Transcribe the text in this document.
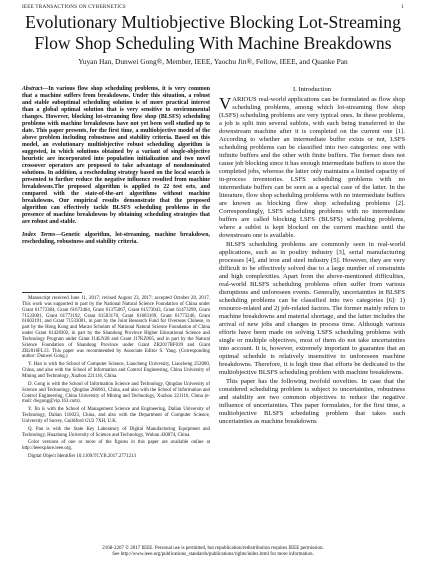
IEEE TRANSACTIONS ON CYBERNETICS	1
Evolutionary Multiobjective Blocking Lot-Streaming
Flow Shop Scheduling With Machine Breakdowns
Yuyan Han, Dunwei Gong®, Member, IEEE, Yaochu Jin®, Fellow, IEEE, and Quanke Pan

Abstract—In various flow shop scheduling problems, it is very common that a machine suffers from breakdowns. Under this situation, a robust and stable suboptimal scheduling solution is of more practical interest than a global optimal solution that is very sensitive to environmental changes. However, blocking lot-streaming flow shop (BLSFS) scheduling problems with machine breakdowns have not yet been well studied up to date. This paper presents, for the first time, a multiobjective model of the above problem including robustness and stability criteria. Based on this model, an evolutionary multiobjective robust scheduling algorithm is suggested, in which solutions obtained by a variant of single-objective heuristic are incorporated into population initialization and two novel crossover operators are proposed to take advantage of nondominated solutions. In addition, a rescheduling strategy based on the local search is presented to further reduce the negative influence resulted from machine breakdowns.The proposed algorithm is applied to 22 test sets, and compared with the state-of-the-art algorithms without machine breakdowns. Our empirical results demonstrate that the proposed algorithm can effectively tackle BLSFS scheduling problems in the presence of machine breakdowns by obtaining scheduling strategies that are robust and stable.

Index Terms—Genetic algorithm, lot-streaming, machine breakdown, rescheduling, robustness and stability criteria.

Manuscript received June 11, 2017; revised August 23, 2017; accepted October 20, 2017. This work was supported in part by the National Natural Science Foundation of China under Grant 61773384, Grant 61673404, Grant 61375067, Grant 61573043, Grant 61473299, Grant 71533001, Grant 61773192, Grant 61503170, Grant 61603169, Grant 61773246, Grant 61603191, and Grant 71533001, in part by the Joint Research Fund for Overseas Chinese, in part by the Hong Kong and Macao Scholars of National Natural Science Foundation of China under Grant 61428302, in part by the Shandong Province Higher Educational Science and Technology Program under Grant J14LN28 and Grant J17KZ005, and in part by the Natural Science Foundation of Shandong Province under Grant ZR2017BF039 and Grant ZR2016FL13. This paper was recommended by Associate Editor S. Yang. (Corresponding author: Dunwei Gong.)

Y. Han is with the School of Computer Science, Liaocheng University, Liaocheng 252000, China, and also with the School of Information and Control Engineering, China University of Mining and Technology, Xuzhou 221116, China.

D. Gong is with the School of Information Science and Technology, Qingdao University of Science and Technology, Qingdao 266061, China, and also with the School of Information and Control Engineering, China University of Mining and Technology, Xuzhou 221116, China (e-mail: dwgong@vip.163.com).

Y. Jin is with the School of Management Science and Engineering, Dalian University of Technology, Dalian 116023, China, and also with the Department of Computer Science, University of Surrey, Guildford GU2 7XH, U.K.

Q. Pan is with the State Key Laboratory of Digital Manufacturing Equipment and Technology, Huazhong University of Science and Technology, Wuhan 430074, China.

Color versions of one or more of the figures in this paper are available online at http://ieeexplore.ieee.org.

Digital Object Identifier 10.1109/TCYB.2017.2771213

I. Introduction

VARIOUS real-world applications can be formulated as flow shop scheduling problems, among which lot-streaming flow shop (LSFS) scheduling problems are very typical ones. In these problems, a job is split into several sublots, with each being transferred to the downstream machine after it is completed on the current one [1]. According to whether an intermediate buffer exists or not, LSFS scheduling problems can be classified into two categories: one with infinite buffers and the other with finite buffers. The former does not cause job blocking since it has enough intermediate buffers to store the completed jobs, whereas the latter only maintains a limited capacity of in-process inventories. LSFS scheduling problems with no intermediate buffers can be seen as a special case of the latter. In the literature, flow shop scheduling problems with no intermediate buffers are known as blocking flow shop scheduling problems [2]. Correspondingly, LSFS scheduling problems with no intermediate buffers are called blocking LSFS (BLSFS) scheduling problems, where a sublot is kept blocked on the current machine until the downstream one is available.

BLSFS scheduling problems are commonly seen in real-world applications, such as in poultry industry [3], serial manufacturing processes [4], and iron and steel industry [5]. However, they are very difficult to be effectively solved due to a large number of constraints and high complexities. Apart from the above-mentioned difficulties, real-world BLSFS scheduling problems often suffer from various disruptions and unforeseen events. Generally, uncertainties in BLSFS scheduling problems can be classified into two categories [6]: 1) resource-related and 2) job-related factors. The former mainly refers to machine breakdowns and material shortage, and the latter includes the arrival of new jobs and changes in process time. Although various efforts have been made on solving LSFS scheduling problems with single or multiple objectives, most of them do not take uncertainties into account. It is, however, extremely important to guarantee that an optimal schedule is relatively insensitive to unforeseen machine breakdowns. Therefore, it is high time that efforts be dedicated to the multiobjective BLSFS scheduling problem with machine breakdowns.

This paper has the following twofold novelties. In case that the considered scheduling problem is subject to uncertainties, robustness and stability are two common objectives to reduce the negative influence of uncertainties. This paper formulates, for the first time, a multiobjective BLSFS scheduling problem that takes such uncertainties as machine breakdowns

2168-2267 © 2017 IEEE. Personal use is permitted, but republication/redistribution requires IEEE permission.
See http://www.ieee.org/publications_standards/publications/rights/index.html for more information.
